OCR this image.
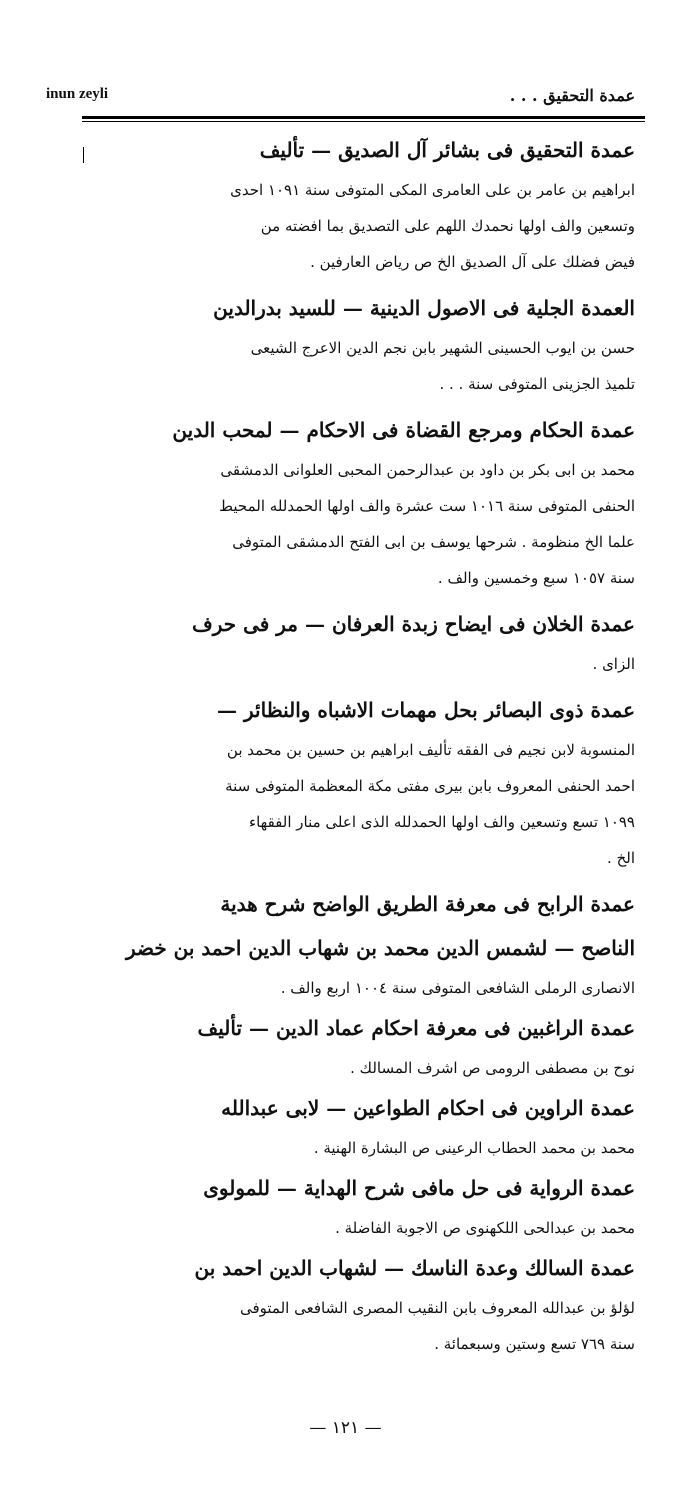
inun zeyli	عمدة التحقيق . . .
عمدة التحقيق فى بشائر آل الصديق — تأليف
ابراهيم بن عامر بن على العامرى المكى المتوفى سنة ١٠٩١ احدى
وتسعين والف اولها نحمدك اللهم على التصديق بما افضته من
فيض فضلك على آل الصديق الخ ص رياض العارفين .
العمدة الجلية فى الاصول الدينية — للسيد بدرالدين
حسن بن ايوب الحسينى الشهير بابن نجم الدين الاعرج الشيعى
تلميذ الجزينى المتوفى سنة . . .
عمدة الحكام ومرجع القضاة فى الاحكام — لمحب الدين
محمد بن ابى بكر بن داود بن عبدالرحمن المحبى العلوانى الدمشقى
الحنفى المتوفى سنة ١٠١٦ ست عشرة والف اولها الحمدلله المحيط
علما الخ منظومة . شرحها يوسف بن ابى الفتح الدمشقى المتوفى
سنة ١٠٥٧ سبع وخمسين والف .
عمدة الخلان فى ايضاح زبدة العرفان — مر فى حرف
الزاى .
عمدة ذوى البصائر بحل مهمات الاشباه والنظائر —
المنسوبة لابن نجيم فى الفقه تأليف ابراهيم بن حسين بن محمد بن
احمد الحنفى المعروف بابن بيرى مفتى مكة المعظمة المتوفى سنة
١٠٩٩ تسع وتسعين والف اولها الحمدلله الذى اعلى منار الفقهاء
الخ .
عمدة الرابح فى معرفة الطريق الواضح شرح هدية
الناصح — لشمس الدين محمد بن شهاب الدين احمد بن خضر
الانصارى الرملى الشافعى المتوفى سنة ١٠٠٤ اربع والف .
عمدة الراغبين فى معرفة احكام عماد الدين — تأليف
نوح بن مصطفى الرومى ص اشرف المسالك .
عمدة الراوين فى احكام الطواعين — لابى عبدالله
محمد بن محمد الحطاب الرعينى ص البشارة الهنية .
عمدة الرواية فى حل مافى شرح الهداية — للمولوى
محمد بن عبدالحى اللكهنوى ص الاجوبة الفاضلة .
عمدة السالك وعدة الناسك — لشهاب الدين احمد بن
لؤلؤ بن عبدالله المعروف بابن النقيب المصرى الشافعى المتوفى
سنة ٧٦٩ تسع وستين وسبعمائة .
— ١٢١ —
